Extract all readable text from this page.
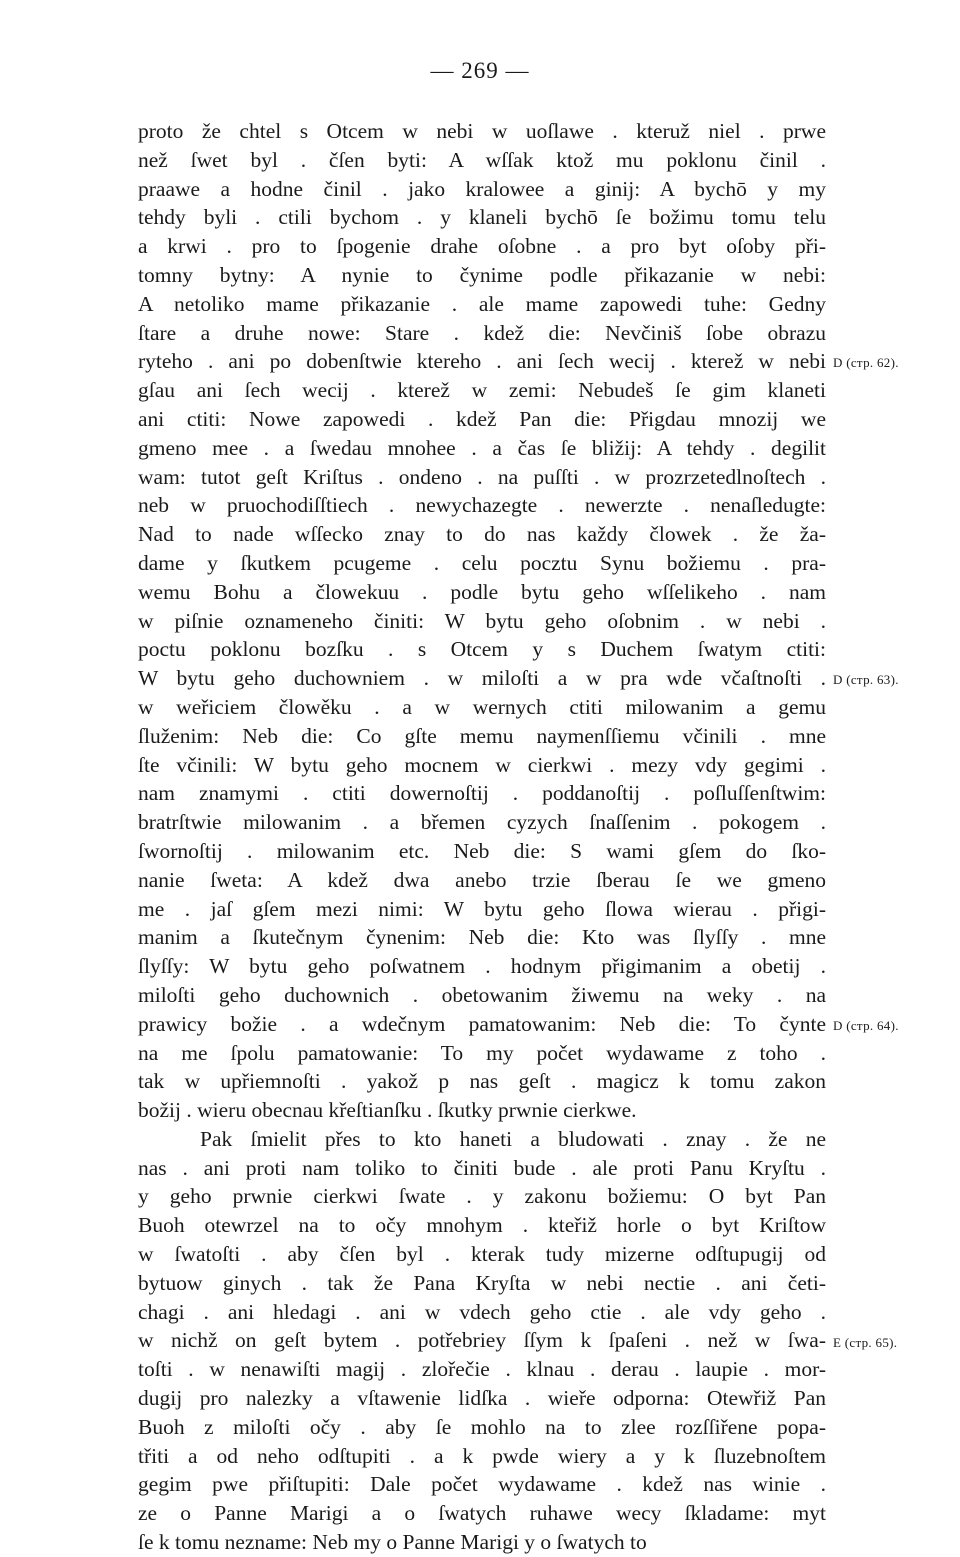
— 269 —
proto že chtel s Otcem w nebi w uoſlawe . kteruž niel . prwe
než ſwet byl . čſen byti: A wſſak ktož mu poklonu činil .
praawe a hodne činil . jako kralowee a ginij: A bychō y my
tehdy byli . ctili bychom . y klaneli bychō ſe božimu tomu telu
a krwi . pro to ſpogenie drahe oſobne . a pro byt oſoby při-
tomny bytny: A nynie to čynime podle přikazanie w nebi:
A netoliko mame přikazanie . ale mame zapowedi tuhe: Gedny
ſtare a druhe nowe: Stare . kdež die: Nevčiniš ſobe obrazu
ryteho . ani po dobenſtwie ktereho . ani ſech wecij . kterež w nebi
gſau ani ſech wecij . kterež w zemi: Nebudeš ſe gim klaneti
ani ctiti: Nowe zapowedi . kdež Pan die: Přigdau mnozij we
gmeno mee . a ſwedau mnohee . a čas ſe bližij: A tehdy . degilit
wam: tutot geſt Kriſtus . ondeno . na puſſti . w prozrzetedlnoſtech .
neb w pruochodiſſtiech . newychazegte . newerzte . nenaſledugte:
Nad to nade wſſecko znay to do nas každy člowek . že ža-
dame y ſkutkem pcugeme . celu pocztu Synu božiemu . pra-
wemu Bohu a člowekuu . podle bytu geho wſſelikeho . nam
w piſnie oznameneho činiti: W bytu geho oſobnim . w nebi .
poctu poklonu bozſku . s Otcem y s Duchem ſwatym ctiti:
W bytu geho duchowniem . w miloſti a w pra wde včaſtnoſti .
w weřiciem člowěku . a w wernych ctiti milowanim a gemu
ſluženim: Neb die: Co gſte memu naymenſſiemu včinili . mne
ſte včinili: W bytu geho mocnem w cierkwi . mezy vdy gegimi .
nam znamymi . ctiti dowernoſtij . poddanoſtij . poſluſſenſtwim:
bratrſtwie milowanim . a břemen cyzych ſnaſſenim . pokogem .
ſwornoſtij . milowanim etc. Neb die: S wami gſem do ſko-
nanie ſweta: A kdež dwa anebo trzie ſberau ſe we gmeno
me . jaſ gſem mezi nimi: W bytu geho ſlowa wierau . přigi-
manim a ſkutečnym čynenim: Neb die: Kto was ſlyſſy . mne
ſlyſſy: W bytu geho poſwatnem . hodnym přigimanim a obetij .
miloſti geho duchownich . obetowanim žiwemu na weky . na
prawicy božie . a wdečnym pamatowanim: Neb die: To čynte
na me ſpolu pamatowanie: To my počet wydawame z toho .
tak w upřiemnoſti . yakož p nas geſt . magicz k tomu zakon
božij . wieru obecnau křeſtianſku . ſkutky prwnie cierkwe.
Pak ſmielit přes to kto haneti a bludowati . znay . že ne
nas . ani proti nam toliko to činiti bude . ale proti Panu Kryſtu .
y geho prwnie cierkwi ſwate . y zakonu božiemu: O byt Pan
Buoh otewrzel na to očy mnohym . kteřiž horle o byt Kriſtow
w ſwatoſti . aby čſen byl . kterak tudy mizerne odſtupugij od
bytuow ginych . tak že Pana Kryſta w nebi nectie . ani četi-
chagi . ani hledagi . ani w vdech geho ctie . ale vdy geho .
w nichž on geſt bytem . potřebriey ſſym k ſpaſeni . než w ſwa-
toſti . w nenawiſti magij . zlořečie . klnau . derau . laupie . mor-
dugij pro nalezky a vſtawenie lidſka . wieře odporna: Otewřiž Pan
Buoh z miloſti očy . aby ſe mohlo na to zlee rozſſiřene popa-
třiti a od neho odſtupiti . a k pwde wiery a y k ſluzebnoſtem
gegim pwe přiſtupiti: Dale počet wydawame . kdež nas winie .
ze o Panne Marigi a o ſwatych ruhawe wecy ſkladame: myt
ſe k tomu nezname: Neb my o Panne Marigi y o ſwatych to
D (стр. 62).
D (стр. 63).
D (стр. 64).
E (стр. 65).
